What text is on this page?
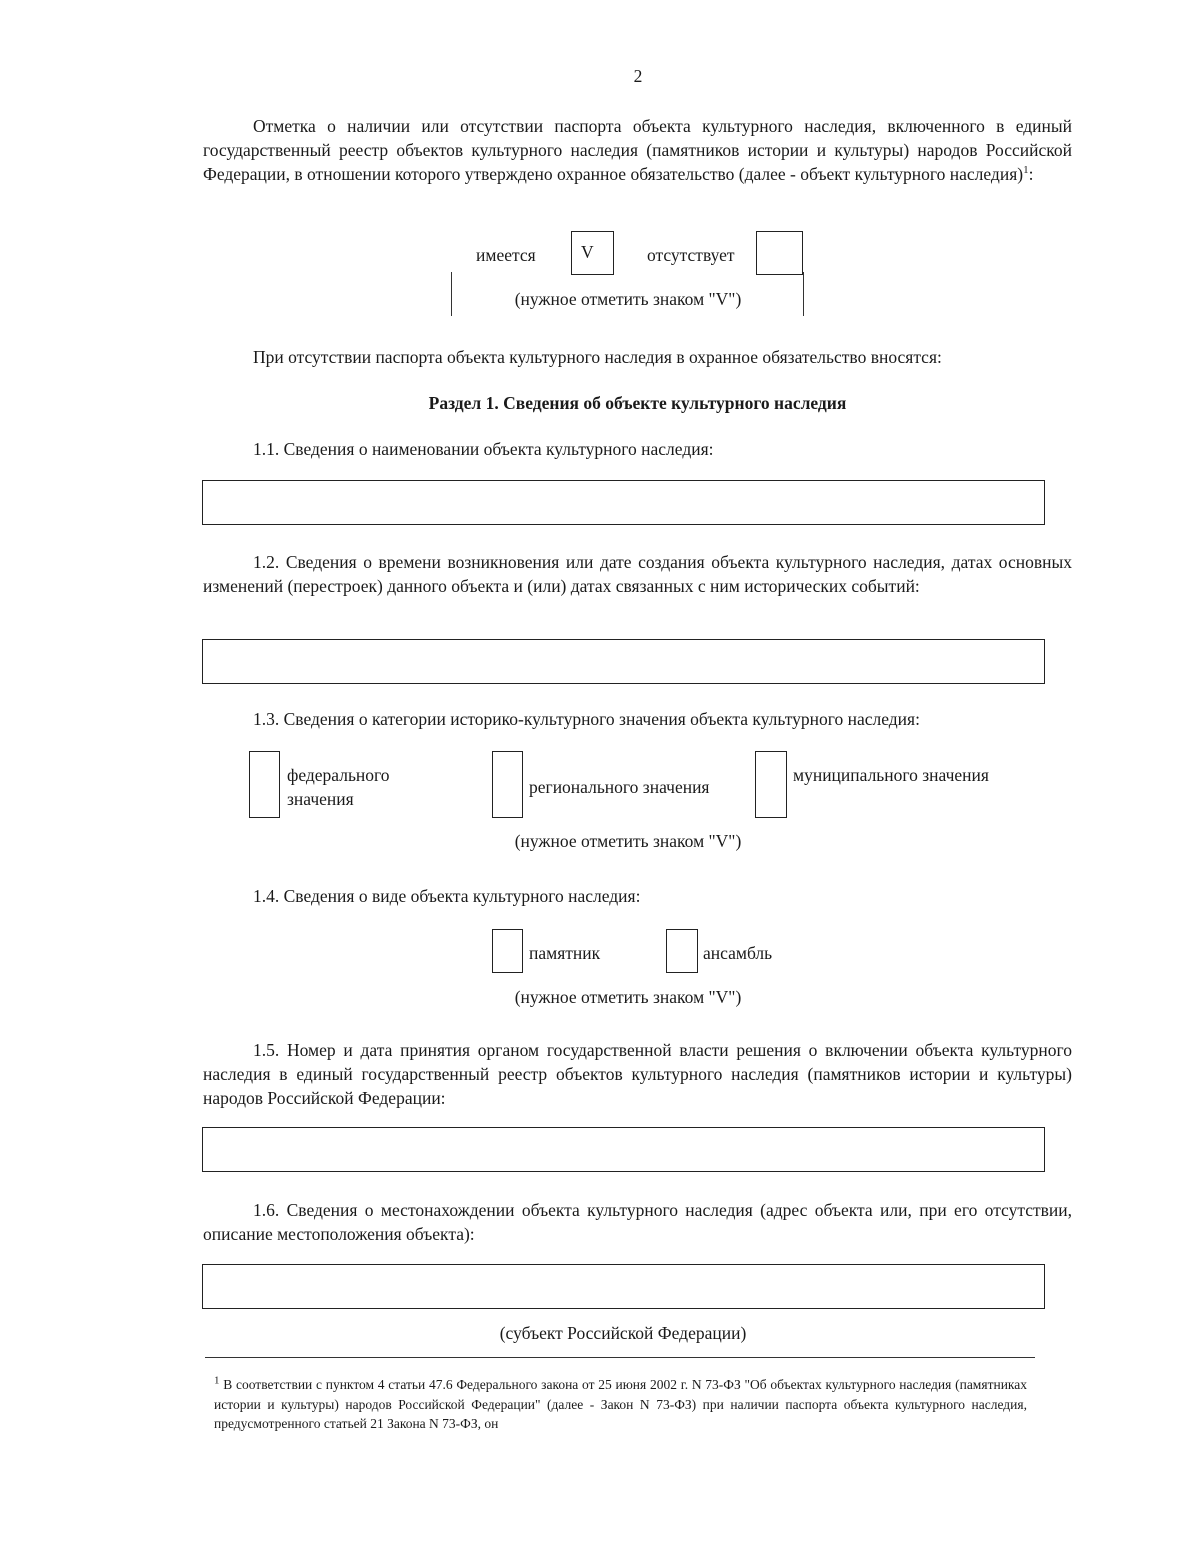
2
Отметка о наличии или отсутствии паспорта объекта культурного наследия, включенного в единый государственный реестр объектов культурного наследия (памятников истории и культуры) народов Российской Федерации, в отношении которого утверждено охранное обязательство (далее - объект культурного наследия)$^1$:
имеется	V	отсутствует
(нужное отметить знаком "V")
При отсутствии паспорта объекта культурного наследия в охранное обязательство вносятся:
Раздел 1. Сведения об объекте культурного наследия
1.1. Сведения о наименовании объекта культурного наследия:
1.2. Сведения о времени возникновения или дате создания объекта культурного наследия, датах основных изменений (перестроек) данного объекта и (или) датах связанных с ним исторических событий:
1.3. Сведения о категории историко-культурного значения объекта культурного наследия:
федерального значения
регионального значения
муниципального значения
(нужное отметить знаком "V")
1.4. Сведения о виде объекта культурного наследия:
памятник	ансамбль
(нужное отметить знаком "V")
1.5. Номер и дата принятия органом государственной власти решения о включении объекта культурного наследия в единый государственный реестр объектов культурного наследия (памятников истории и культуры) народов Российской Федерации:
1.6. Сведения о местонахождении объекта культурного наследия (адрес объекта или, при его отсутствии, описание местоположения объекта):
(субъект Российской Федерации)
$^1$ В соответствии с пунктом 4 статьи 47.6 Федерального закона от 25 июня 2002 г. N 73-ФЗ "Об объектах культурного наследия (памятниках истории и культуры) народов Российской Федерации" (далее - Закон N 73-ФЗ) при наличии паспорта объекта культурного наследия, предусмотренного статьей 21 Закона N 73-ФЗ, он
